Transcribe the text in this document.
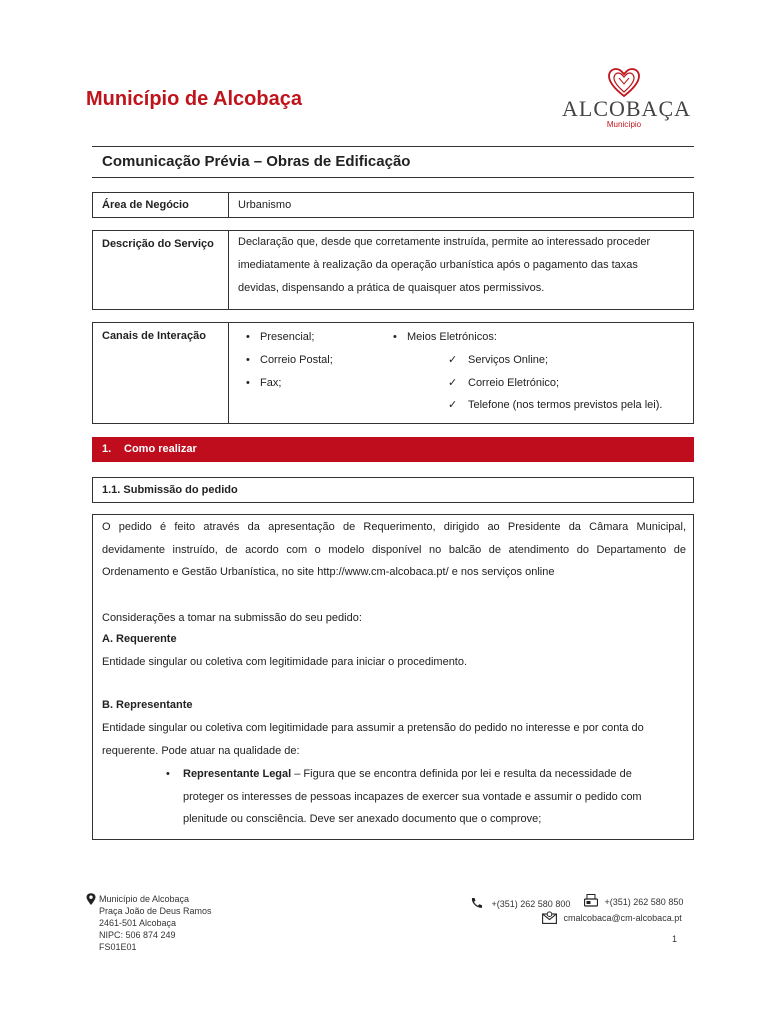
Município de Alcobaça	ALCOBAÇA
Município
Comunicação Prévia – Obras de Edificação
Área de Negócio	Urbanismo
Descrição do Serviço Declaração que, desde que corretamente instruída, permite ao interessado proceder
imediatamente à realização da operação urbanística após o pagamento das taxas
devidas, dispensando a prática de quaisquer atos permissivos.
Canais de Interação	• Presencial;
• Correio Postal;
• Fax;
• Meios Eletrónicos:
✓ Serviços Online;
✓ Correio Eletrónico;
✓ Telefone (nos termos previstos pela lei).
1. Como realizar
1.1. Submissão do pedido
O pedido é feito através da apresentação de Requerimento, dirigido ao Presidente da Câmara Municipal,
devidamente instruído, de acordo com o modelo disponível no balcão de atendimento do Departamento de
Ordenamento e Gestão Urbanística, no site http://www.cm-alcobaca.pt/ e nos serviços online
Considerações a tomar na submissão do seu pedido:
A. Requerente
Entidade singular ou coletiva com legitimidade para iniciar o procedimento.
B. Representante
Entidade singular ou coletiva com legitimidade para assumir a pretensão do pedido no interesse e por conta do
requerente. Pode atuar na qualidade de:
• Representante Legal – Figura que se encontra definida por lei e resulta da necessidade de
proteger os interesses de pessoas incapazes de exercer sua vontade e assumir o pedido com
plenitude ou consciência. Deve ser anexado documento que o comprove;
Município de Alcobaça
Praça João de Deus Ramos
2461-501 Alcobaça
NIPC: 506 874 249
FS01E01
+(351) 262 580 800	+(351) 262 580 850
cmalcobaca@cm-alcobaca.pt
1
